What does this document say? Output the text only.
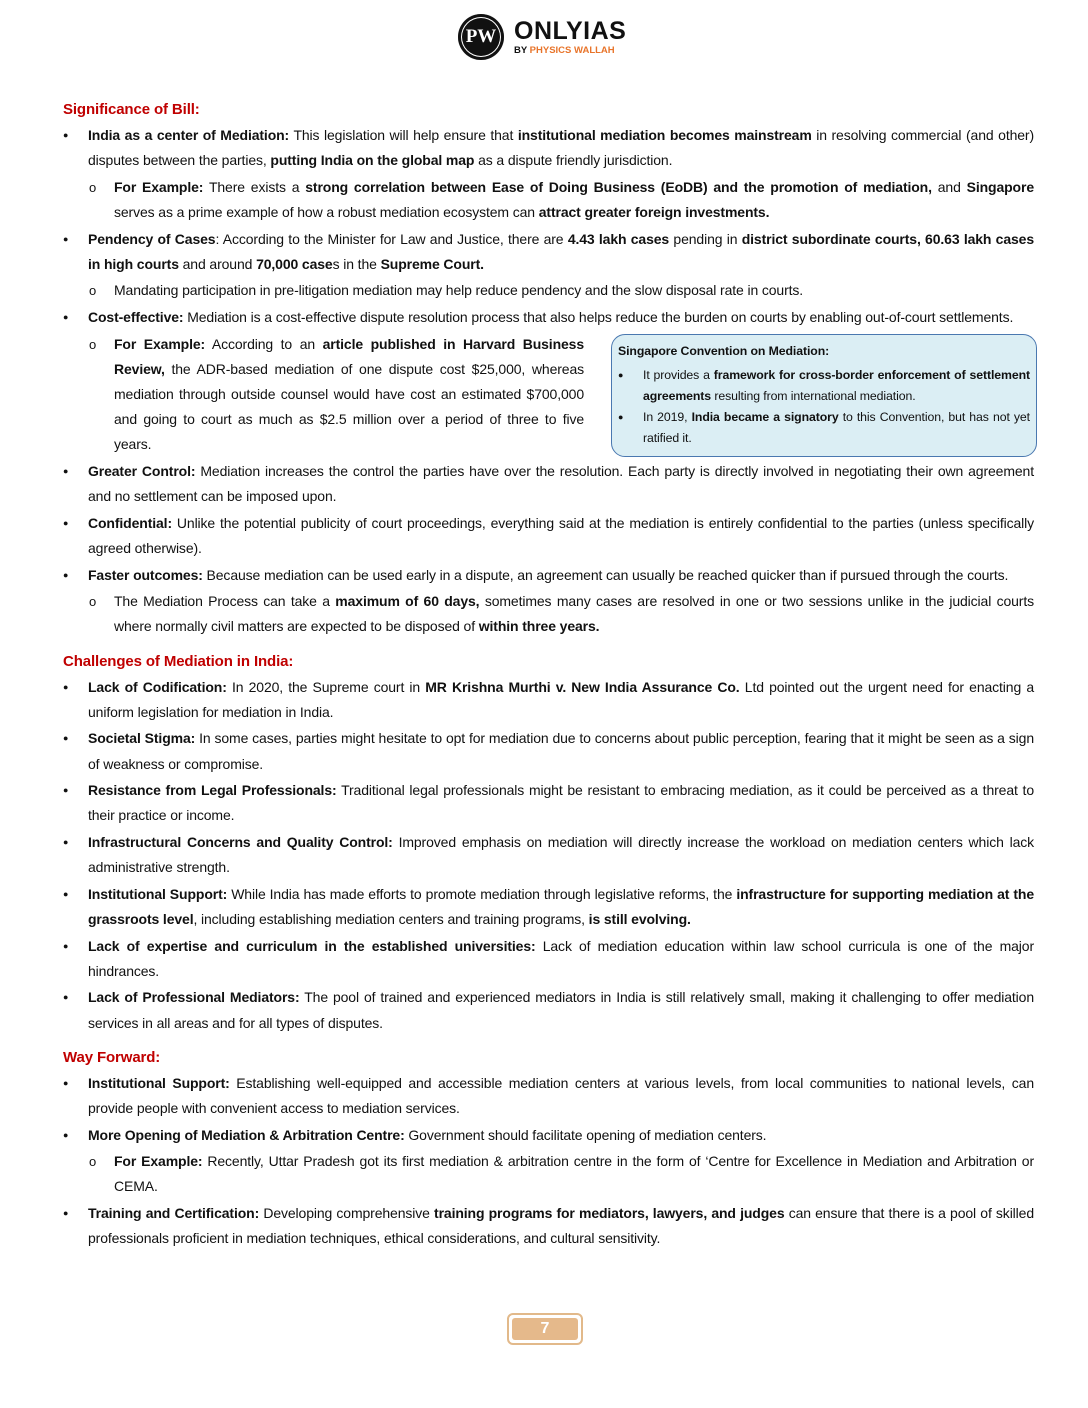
PW ONLYIAS
BY PHYSICS WALLAH
Significance of Bill:
● India as a center of Mediation: This legislation will help ensure that institutional mediation becomes mainstream in resolving commercial (and other) disputes between the parties, putting India on the global map as a dispute friendly jurisdiction.
o For Example: There exists a strong correlation between Ease of Doing Business (EoDB) and the promotion of mediation, and Singapore serves as a prime example of how a robust mediation ecosystem can attract greater foreign investments.
● Pendency of Cases: According to the Minister for Law and Justice, there are 4.43 lakh cases pending in district subordinate courts, 60.63 lakh cases in high courts and around 70,000 cases in the Supreme Court.
o Mandating participation in pre-litigation mediation may help reduce pendency and the slow disposal rate in courts.
● Cost-effective: Mediation is a cost-effective dispute resolution process that also helps reduce the burden on courts by enabling out-of-court settlements.
o For Example: According to an article published in Harvard Business Review, the ADR-based mediation of one dispute cost $25,000, whereas mediation through outside counsel would have cost an estimated $700,000 and going to court as much as $2.5 million over a period of three to five years.
Singapore Convention on Mediation:
● It provides a framework for cross-border enforcement of settlement agreements resulting from international mediation.
● In 2019, India became a signatory to this Convention, but has not yet ratified it.
● Greater Control: Mediation increases the control the parties have over the resolution. Each party is directly involved in negotiating their own agreement and no settlement can be imposed upon.
● Confidential: Unlike the potential publicity of court proceedings, everything said at the mediation is entirely confidential to the parties (unless specifically agreed otherwise).
● Faster outcomes: Because mediation can be used early in a dispute, an agreement can usually be reached quicker than if pursued through the courts.
o The Mediation Process can take a maximum of 60 days, sometimes many cases are resolved in one or two sessions unlike in the judicial courts where normally civil matters are expected to be disposed of within three years.
Challenges of Mediation in India:
● Lack of Codification: In 2020, the Supreme court in MR Krishna Murthi v. New India Assurance Co. Ltd pointed out the urgent need for enacting a uniform legislation for mediation in India.
● Societal Stigma: In some cases, parties might hesitate to opt for mediation due to concerns about public perception, fearing that it might be seen as a sign of weakness or compromise.
● Resistance from Legal Professionals: Traditional legal professionals might be resistant to embracing mediation, as it could be perceived as a threat to their practice or income.
● Infrastructural Concerns and Quality Control: Improved emphasis on mediation will directly increase the workload on mediation centers which lack administrative strength.
● Institutional Support: While India has made efforts to promote mediation through legislative reforms, the infrastructure for supporting mediation at the grassroots level, including establishing mediation centers and training programs, is still evolving.
● Lack of expertise and curriculum in the established universities: Lack of mediation education within law school curricula is one of the major hindrances.
● Lack of Professional Mediators: The pool of trained and experienced mediators in India is still relatively small, making it challenging to offer mediation services in all areas and for all types of disputes.
Way Forward:
● Institutional Support: Establishing well-equipped and accessible mediation centers at various levels, from local communities to national levels, can provide people with convenient access to mediation services.
● More Opening of Mediation & Arbitration Centre: Government should facilitate opening of mediation centers.
o For Example: Recently, Uttar Pradesh got its first mediation & arbitration centre in the form of ‘Centre for Excellence in Mediation and Arbitration or CEMA.
● Training and Certification: Developing comprehensive training programs for mediators, lawyers, and judges can ensure that there is a pool of skilled professionals proficient in mediation techniques, ethical considerations, and cultural sensitivity.
7
